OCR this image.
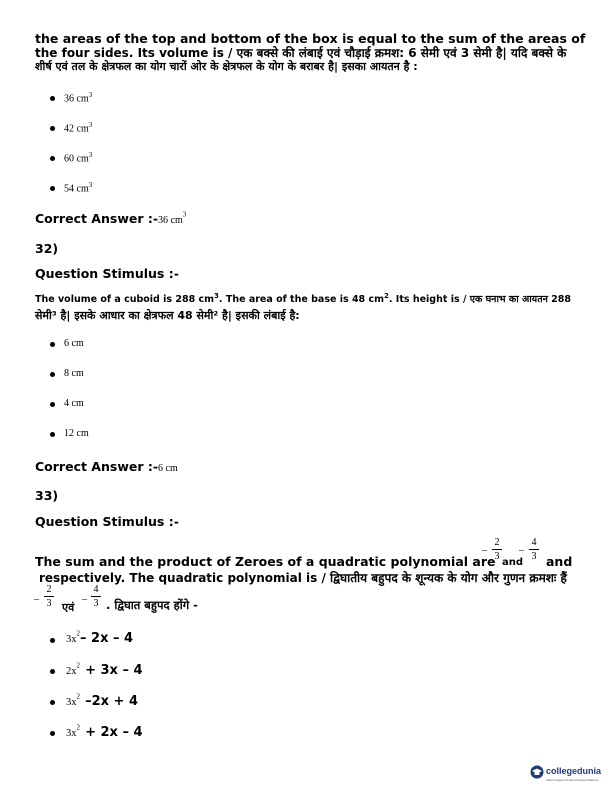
the areas of the top and bottom of the box is equal to the sum of the areas of
the four sides. Its volume is / एक बक्से की लंबाई एवं चौड़ाई क्रमश: 6 सेमी एवं 3 सेमी है| यदि बक्से के
शीर्ष एवं तल के क्षेत्रफल का योग चारों ओर के क्षेत्रफल के योग के बराबर है| इसका आयतन है :
36 $cm^3$
42 $cm^3$
60 $cm^3$
54 $cm^3$
Correct Answer :-36 $cm^3$
32)
Question Stimulus :-
The volume of a cuboid is 288 $cm^3$. The area of the base is 48 $cm^2$. Its height is / एक घनाभ का आयतन 288
सेमी³ है| इसके आधार का क्षेत्रफल 48 सेमी² है| इसकी लंबाई है:
6 cm
8 cm
4 cm
12 cm
Correct Answer :-6 cm
33)
Question Stimulus :-
The sum and the product of Zeroes of a quadratic polynomial are
–
2
3
and
–
4
3 and
respectively. The quadratic polynomial is / द्विघातीय बहुपद के शून्यक के योग और गुणन क्रमशः हैं
–
2
3 एवं
–
4
3 . द्विघात बहुपद होंगे -
$3x^2-$ 2x – 4
$2x^2 + 3x - 4$
$3x^2$ –2x + 4
$3x^2 + 2x - 4$
collegedunia
India's largest Student Review Platform
